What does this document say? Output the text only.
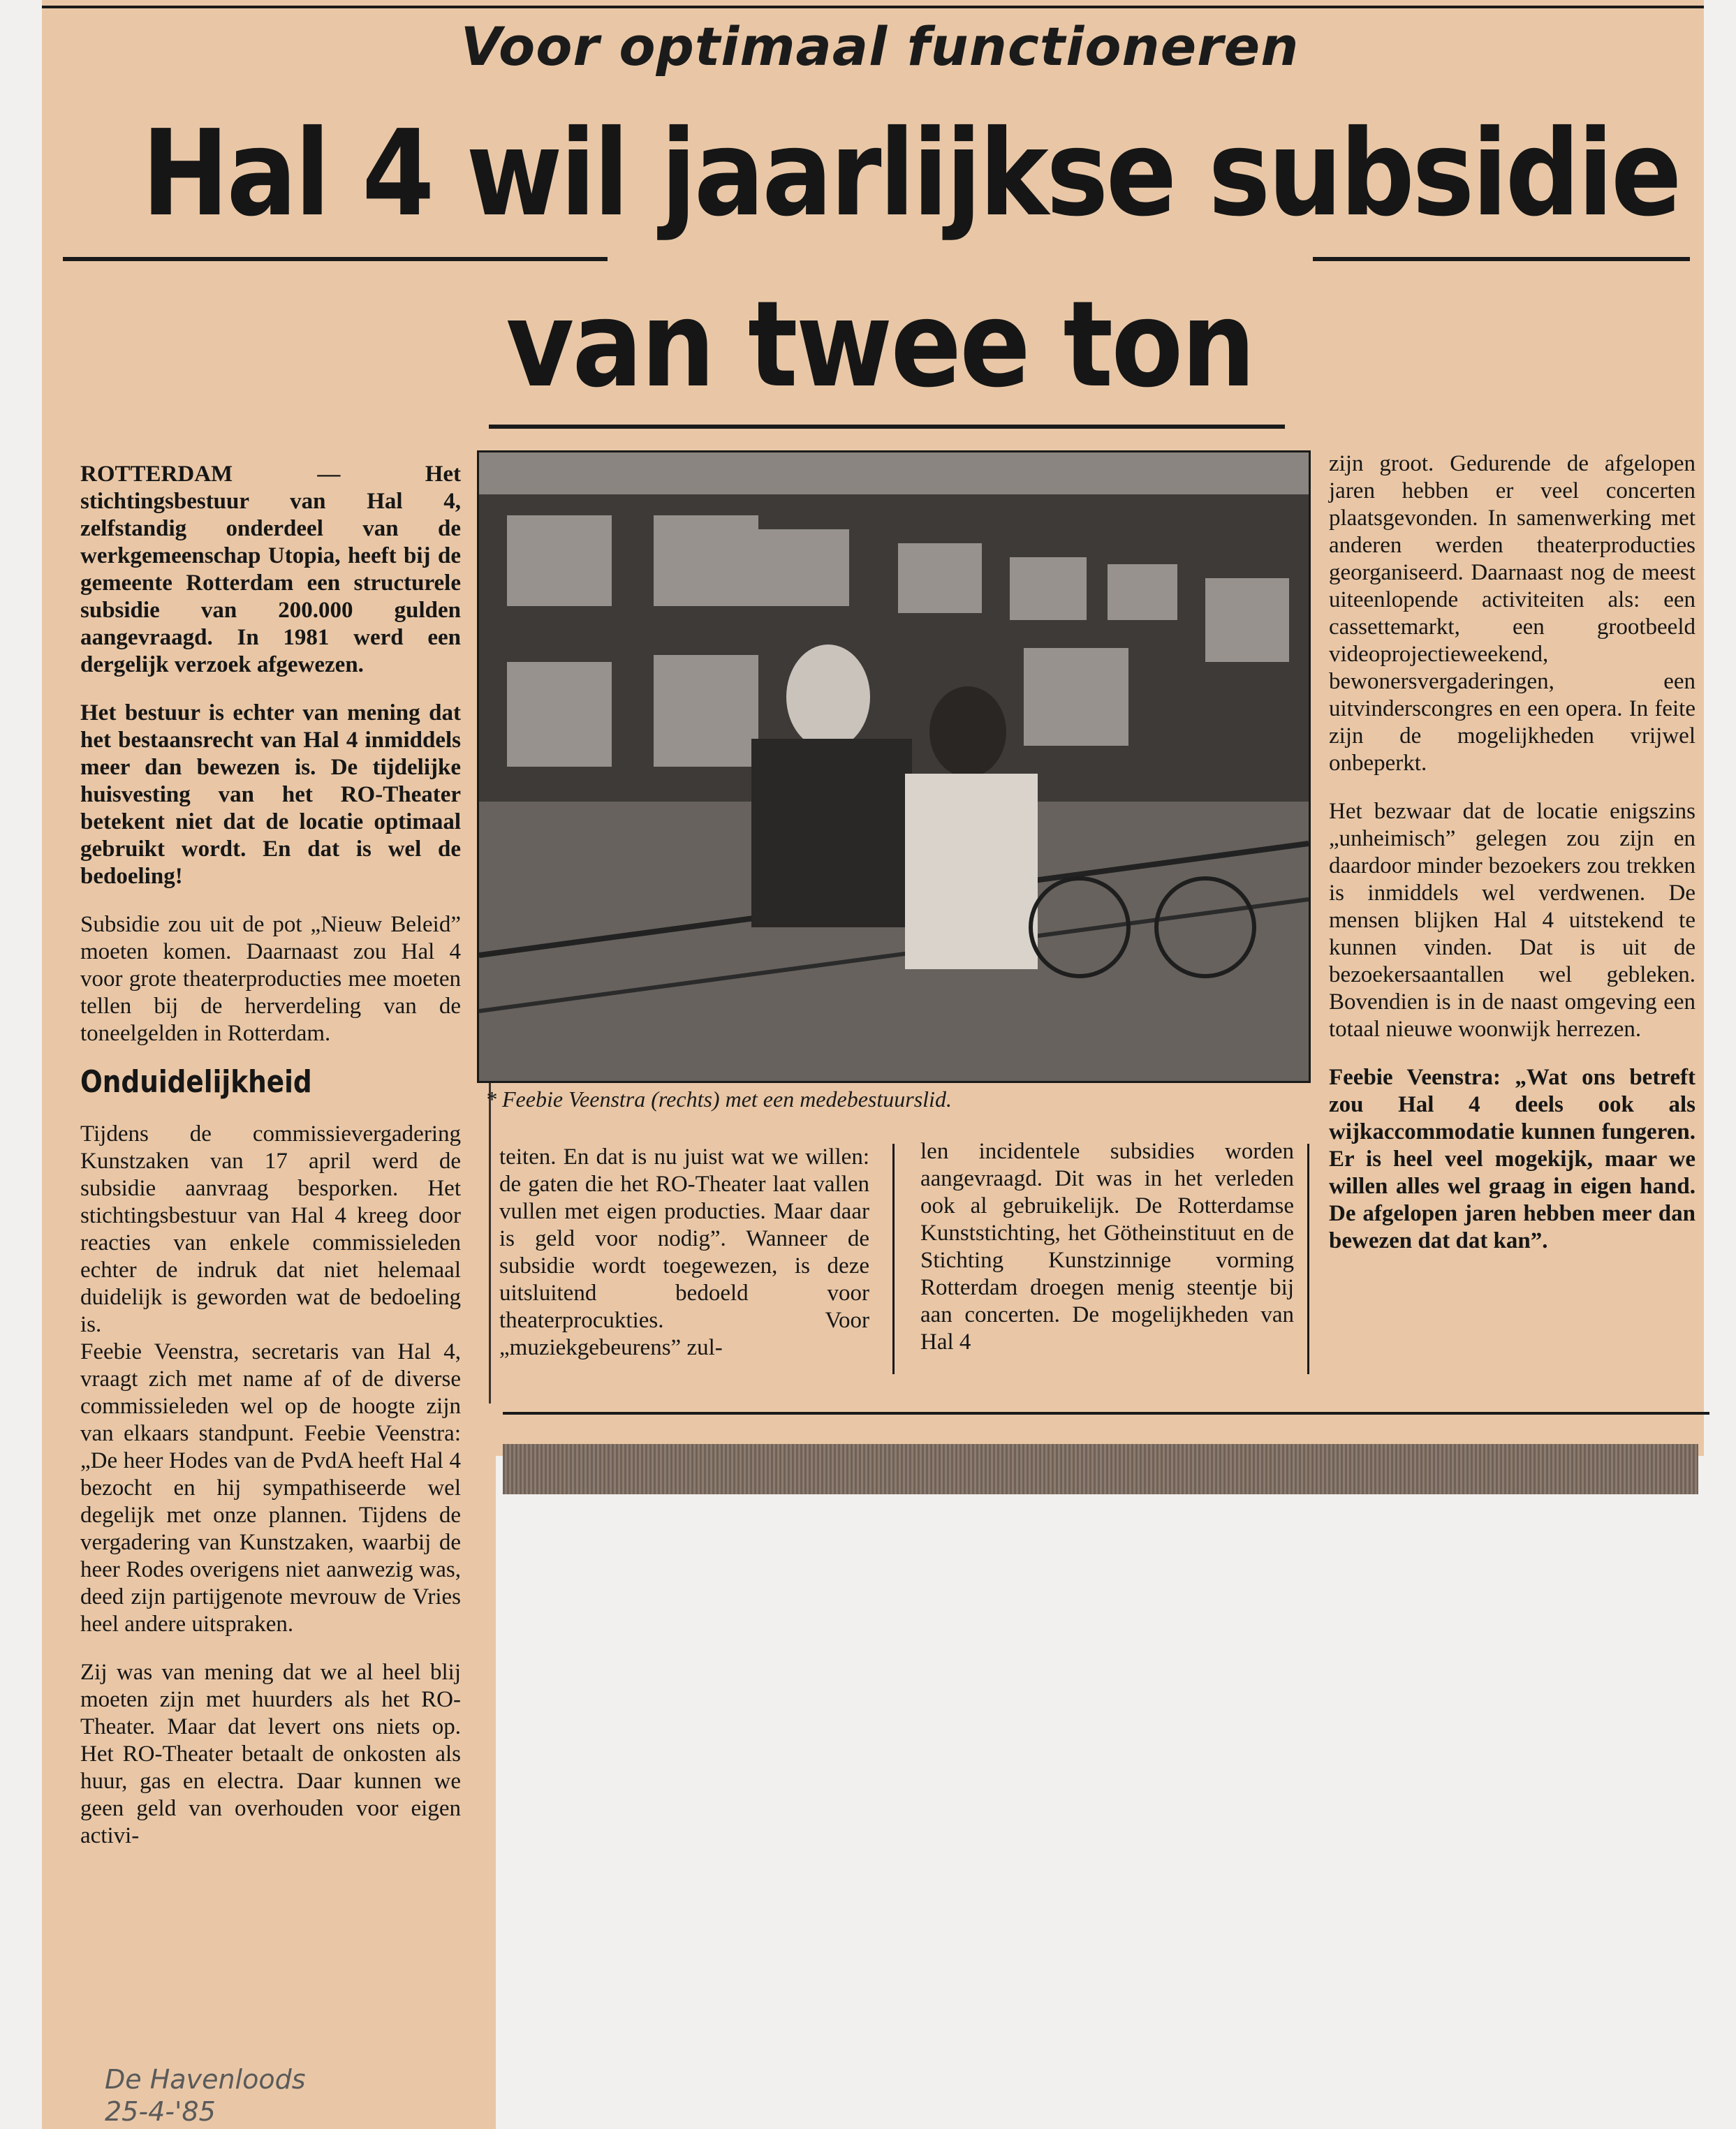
Voor optimaal functioneren
Hal 4 wil jaarlijkse subsidie
van twee ton

ROTTERDAM — Het stichtingsbestuur van Hal 4, zelfstandig onderdeel van de werkgemeenschap Utopia, heeft bij de gemeente Rotterdam een structurele subsidie van 200.000 gulden aangevraagd. In 1981 werd een dergelijk verzoek afgewezen.

Het bestuur is echter van mening dat het bestaansrecht van Hal 4 inmiddels meer dan bewezen is. De tijdelijke huisvesting van het RO-Theater betekent niet dat de locatie optimaal gebruikt wordt. En dat is wel de bedoeling!

Subsidie zou uit de pot „Nieuw Beleid” moeten komen. Daarnaast zou Hal 4 voor grote theaterproducties mee moeten tellen bij de herverdeling van de toneelgelden in Rotterdam.

Onduidelijkheid

Tijdens de commissievergadering Kunstzaken van 17 april werd de subsidie aanvraag besporken. Het stichtingsbestuur van Hal 4 kreeg door reacties van enkele commissieleden echter de indruk dat niet helemaal duidelijk is geworden wat de bedoeling is.

Feebie Veenstra, secretaris van Hal 4, vraagt zich met name af of de diverse commissieleden wel op de hoogte zijn van elkaars standpunt. Feebie Veenstra: „De heer Hodes van de PvdA heeft Hal 4 bezocht en hij sympathiseerde wel degelijk met onze plannen. Tijdens de vergadering van Kunstzaken, waarbij de heer Rodes overigens niet aanwezig was, deed zijn partijgenote mevrouw de Vries heel andere uitspraken.

Zij was van mening dat we al heel blij moeten zijn met huurders als het RO-Theater. Maar dat levert ons niets op. Het RO-Theater betaalt de onkosten als huur, gas en electra. Daar kunnen we geen geld van overhouden voor eigen activi-

* Feebie Veenstra (rechts) met een medebestuurslid.

teiten. En dat is nu juist wat we willen: de gaten die het RO-Theater laat vallen vullen met eigen producties. Maar daar is geld voor nodig”. Wanneer de subsidie wordt toegewezen, is deze uitsluitend bedoeld voor theaterprocukties. Voor „muziekgebeurens” zul-

len incidentele subsidies worden aangevraagd. Dit was in het verleden ook al gebruikelijk. De Rotterdamse Kunststichting, het Götheinstituut en de Stichting Kunstzinnige vorming Rotterdam droegen menig steentje bij aan concerten. De mogelijkheden van Hal 4

zijn groot. Gedurende de afgelopen jaren hebben er veel concerten plaatsgevonden. In samenwerking met anderen werden theaterproducties georganiseerd. Daarnaast nog de meest uiteenlopende activiteiten als: een cassettemarkt, een grootbeeld videoprojectieweekend, bewonersvergaderingen, een uitvinderscongres en een opera. In feite zijn de mogelijkheden vrijwel onbeperkt.

Het bezwaar dat de locatie enigszins „unheimisch” gelegen zou zijn en daardoor minder bezoekers zou trekken is inmiddels wel verdwenen. De mensen blijken Hal 4 uitstekend te kunnen vinden. Dat is uit de bezoekersaantallen wel gebleken. Bovendien is in de naast omgeving een totaal nieuwe woonwijk herrezen.

Feebie Veenstra: „Wat ons betreft zou Hal 4 deels ook als wijkaccommodatie kunnen fungeren. Er is heel veel mogekijk, maar we willen alles wel graag in eigen hand. De afgelopen jaren hebben meer dan bewezen dat dat kan”.

De Havenloods
25-4-'85
